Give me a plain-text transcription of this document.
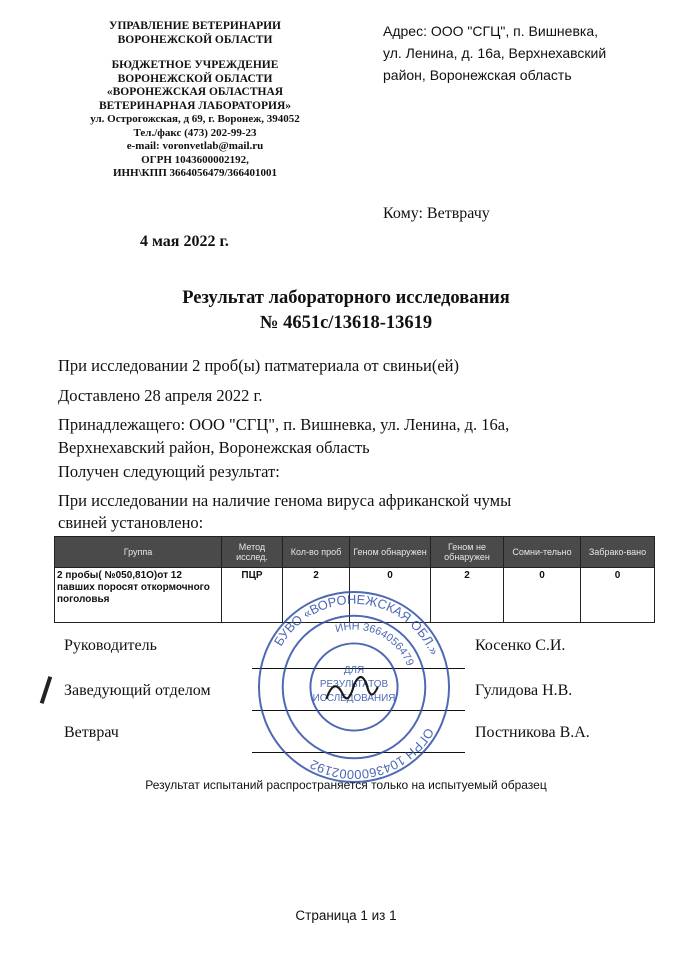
УПРАВЛЕНИЕ ВЕТЕРИНАРИИ
ВОРОНЕЖСКОЙ ОБЛАСТИ
БЮДЖЕТНОЕ УЧРЕЖДЕНИЕ
ВОРОНЕЖСКОЙ ОБЛАСТИ
«ВОРОНЕЖСКАЯ ОБЛАСТНАЯ
ВЕТЕРИНАРНАЯ ЛАБОРАТОРИЯ»
ул. Острогожская, д 69, г. Воронеж, 394052
Тел./факс (473) 202-99-23
e-mail: voronvetlab@mail.ru
ОГРН 1043600002192,
ИНН\КПП 3664056479/366401001
Адрес: ООО "СГЦ", п. Вишневка,
ул. Ленина, д. 16а, Верхнехавский
район, Воронежская область
Кому: Ветврачу
4 мая 2022 г.
Результат лабораторного исследования
№ 4651с/13618-13619
При исследовании 2 проб(ы) патматериала от свиньи(ей)
Доставлено 28 апреля 2022 г.
Принадлежащего: ООО "СГЦ", п. Вишневка, ул. Ленина, д. 16а,
Верхнехавский район, Воронежская область
Получен следующий результат:
При исследовании на наличие генома вируса африканской чумы
свиней установлено:
Группа	Метод исслед.	Кол-во проб	Геном обнаружен	Геном не обнаружен	Сомни-тельно	Забрако-вано
2 пробы( №050,81О)от 12 павших поросят откормочного поголовья	ПЦР	2	0	2	0	0
Руководитель	Косенко С.И.
Заведующий отделом	Гулидова Н.В.
Ветврач	Постникова В.А.
БУВО «ВОРОНЕЖСКАЯ ОБЛ.»
ОГРН 1043600002192
ИНН 3664056479
ДЛЯ
РЕЗУЛЬТАТОВ
ИССЛЕДОВАНИЯ
Результат испытаний распространяется только на испытуемый образец
Страница 1 из 1
